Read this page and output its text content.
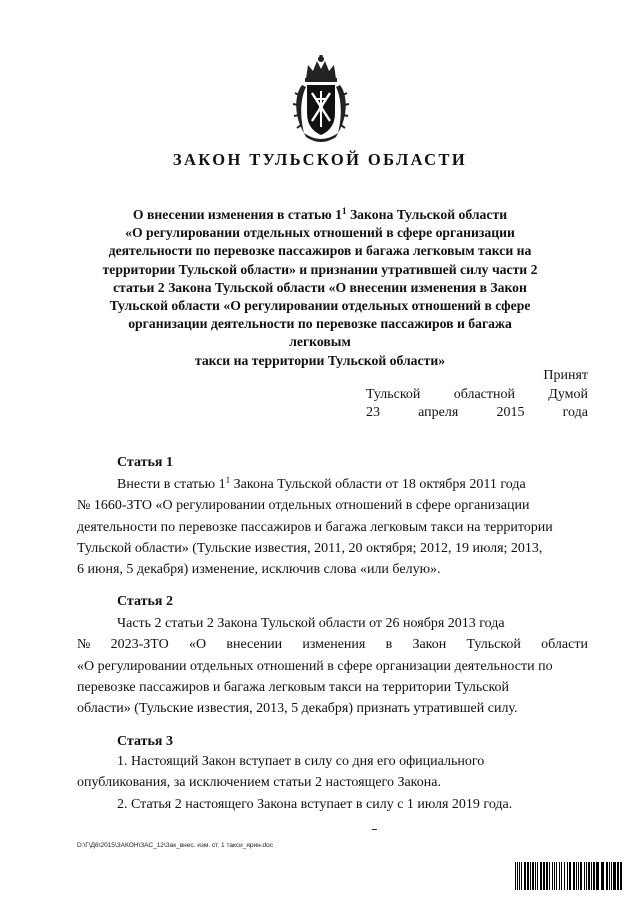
ЗАКОН ТУЛЬСКОЙ ОБЛАСТИ
О внесении изменения в статью $1^1$ Закона Тульской области
«О регулировании отдельных отношений в сфере организации
деятельности по перевозке пассажиров и багажа легковым такси на
территории Тульской области» и признании утратившей силу части 2
статьи 2 Закона Тульской области «О внесении изменения в Закон
Тульской области «О регулировании отдельных отношений в сфере
организации деятельности по перевозке пассажиров и багажа легковым
такси на территории Тульской области»
Принят
Тульской областной Думой
23	апреля	2015	года
Статья 1

Внести в статью $1^1$ Закона Тульской области от 18 октября 2011 года

№ 1660-ЗТО «О регулировании отдельных отношений в сфере организации

деятельности по перевозке пассажиров и багажа легковым такси на территории

Тульской области» (Тульские известия, 2011, 20 октября; 2012, 19 июля; 2013,

6 июня, 5 декабря) изменение, исключив слова «или белую».

Статья 2

Часть 2 статьи 2 Закона Тульской области от 26 ноября 2013 года

№ 2023-ЗТО «О внесении изменения в Закон Тульской области

«О регулировании отдельных отношений в сфере организации деятельности по

перевозке пассажиров и багажа легковым такси на территории Тульской

области» (Тульские известия, 2013, 5 декабря) признать утратившей силу.

Статья 3

1. Настоящий Закон вступает в силу со дня его официального

опубликования, за исключением статьи 2 настоящего Закона.

2. Статья 2 настоящего Закона вступает в силу с 1 июля 2019 года.

D:\Г\Д6\2015\ЗАКОН\ЗАС_12\Зак_внес. изм. ст. 1 такси_ярин.doc
